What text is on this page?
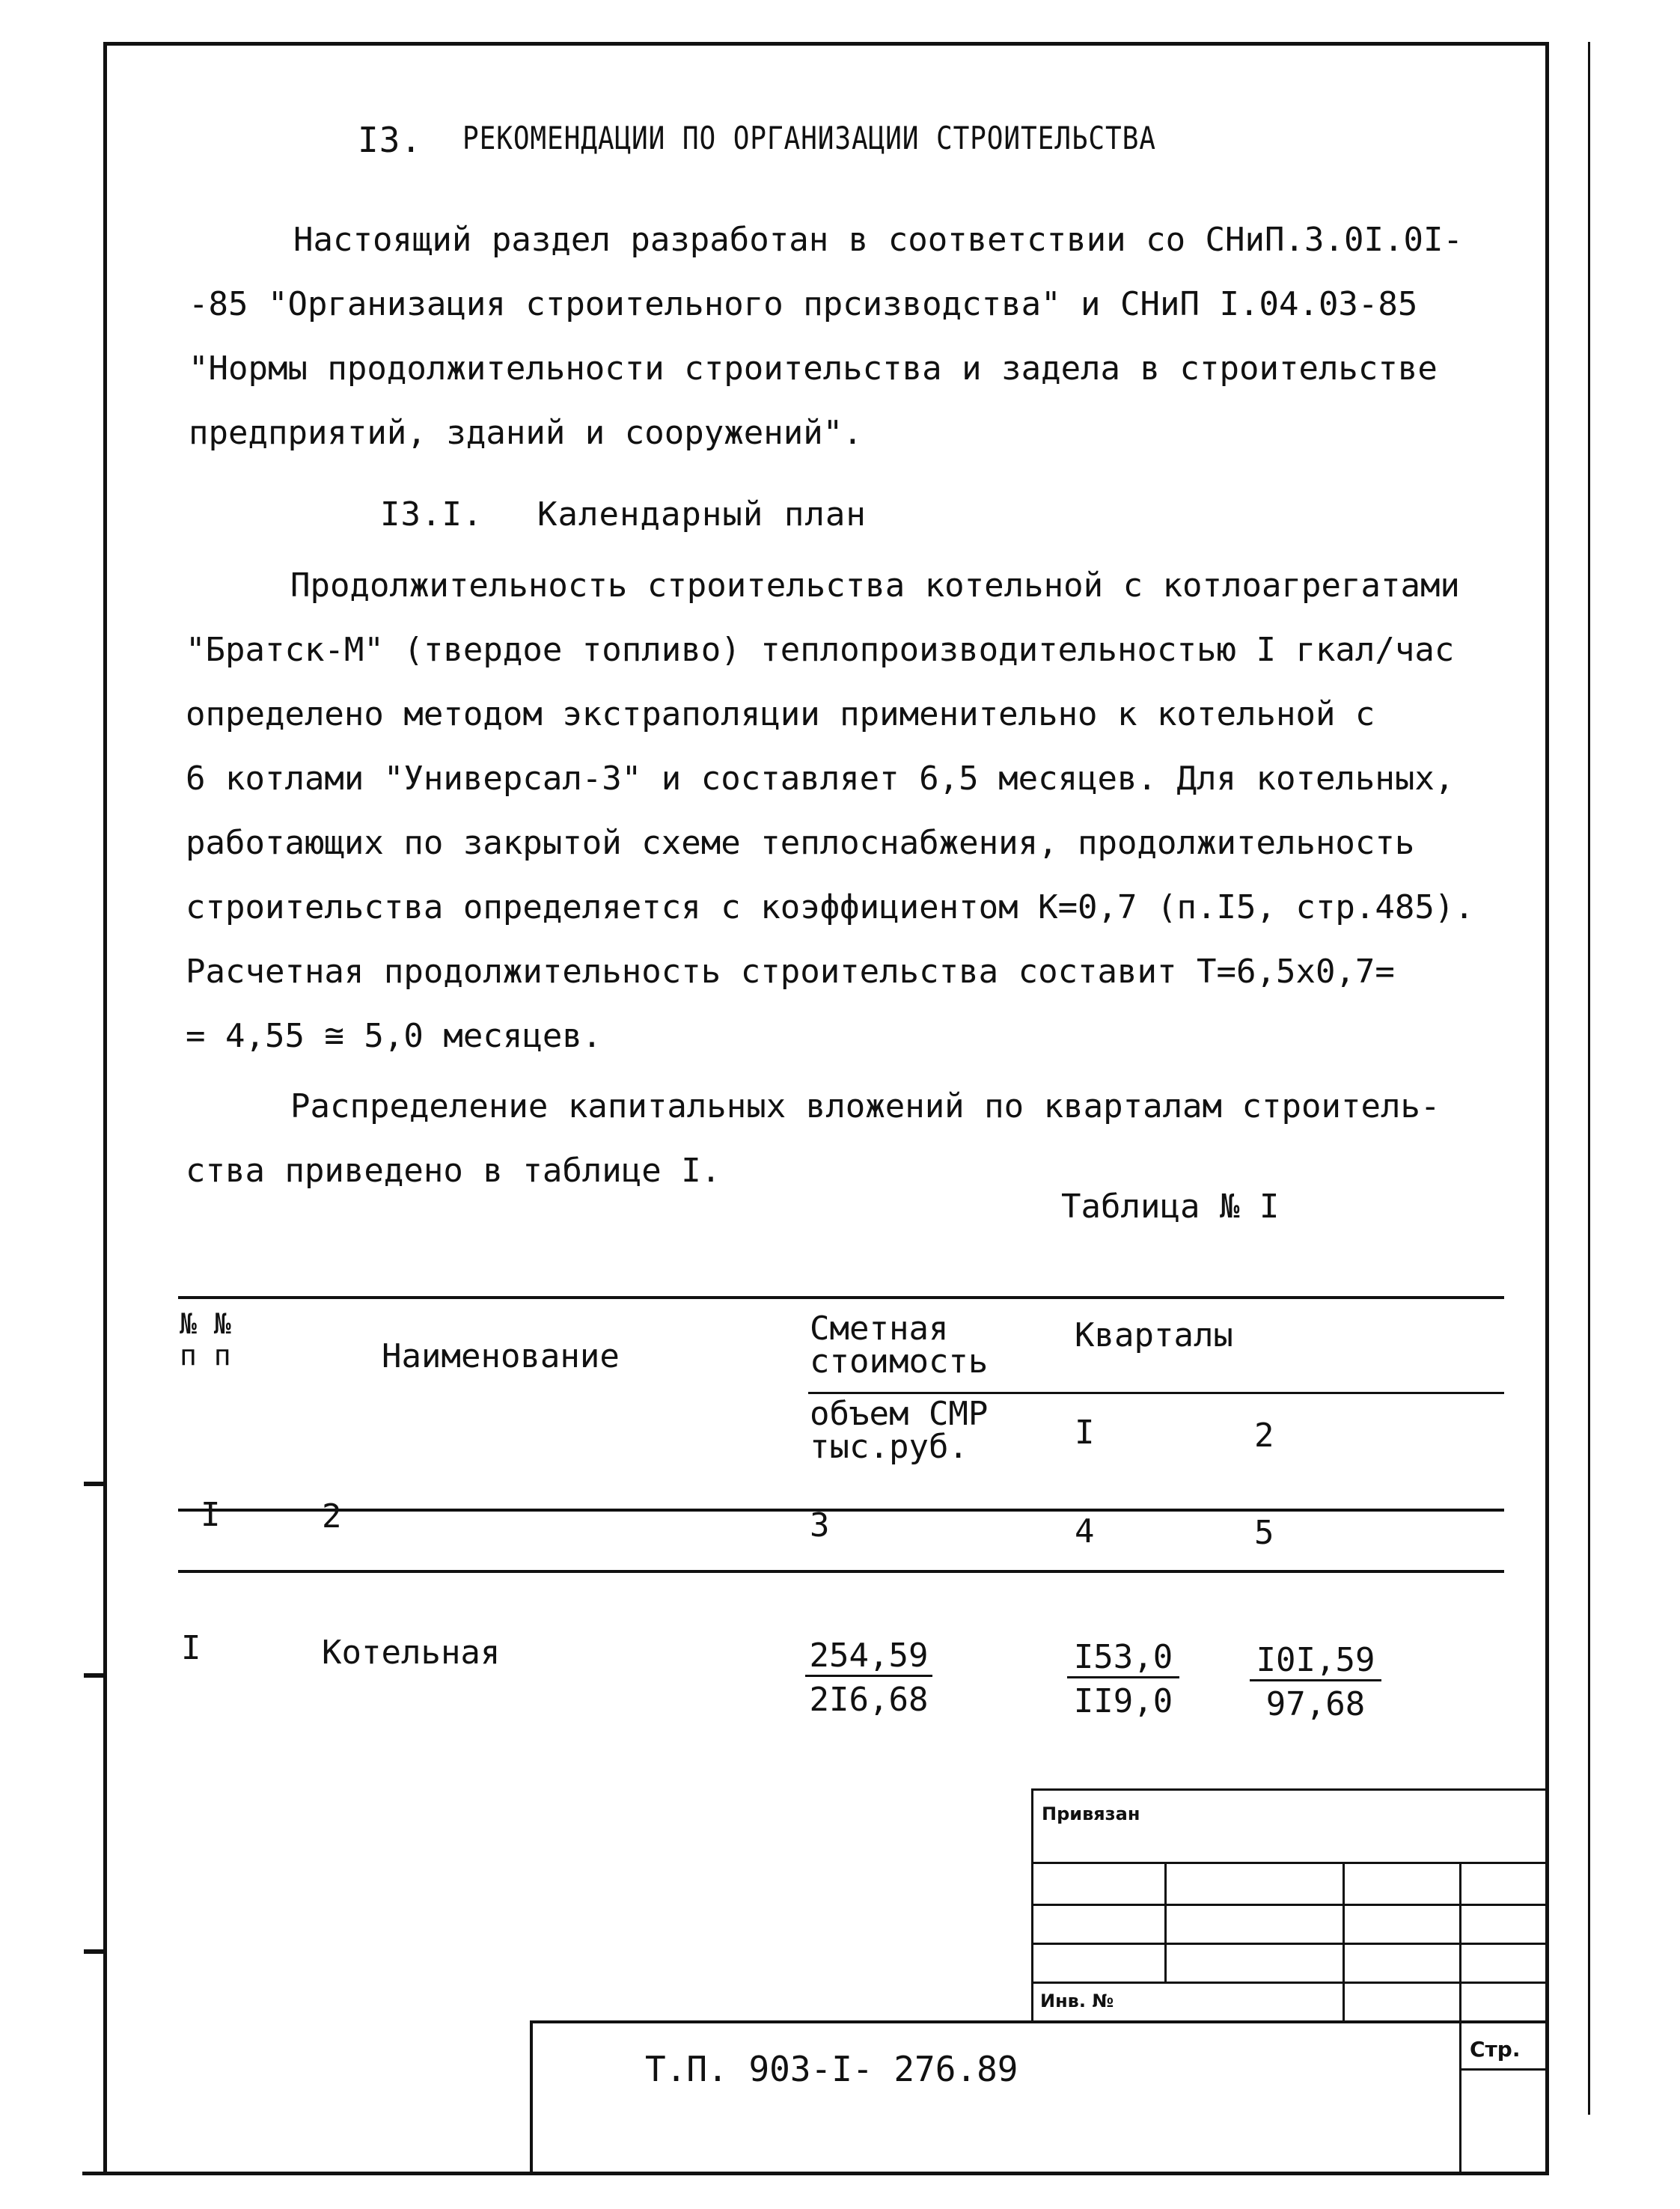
I3. РЕКОМЕНДАЦИИ ПО ОРГАНИЗАЦИИ СТРОИТЕЛЬСТВА
Настоящий раздел разработан в соответствии со СНиП.3.0I.0I-
-85 "Организация строительного прсизводства" и СНиП I.04.03-85
"Нормы продолжительности строительства и задела в строительстве
предприятий, зданий и сооружений".
I3.I. Календарный план
Продолжительность строительства котельной с котлоагрегатами
"Братск-М" (твердое топливо) теплопроизводительностью I гкал/час
определено методом экстраполяции применительно к котельной с
6 котлами "Универсал-3" и составляет 6,5 месяцев. Для котельных,
работающих по закрытой схеме теплоснабжения, продолжительность
строительства определяется с коэффициентом К=0,7 (п.I5, стр.485).
Расчетная продолжительность строительства составит Т=6,5х0,7=
= 4,55 ≅ 5,0 месяцев.
Распределение капитальных вложений по кварталам строитель-
ства приведено в таблице I.
Таблица № I
№ №
п п	Наименование
Сметная
стоимость
Кварталы
объем СМР
тыс.руб.	I	2
I	2	3	4	5
I	Котельная	$\frac{254,59}{2I6,68}$	$\frac{I53,0}{II9,0} \frac{I0I,59}{97,68}$
Привязан
Инв. №
Т.П. 903-I- 276.89	Стр.
